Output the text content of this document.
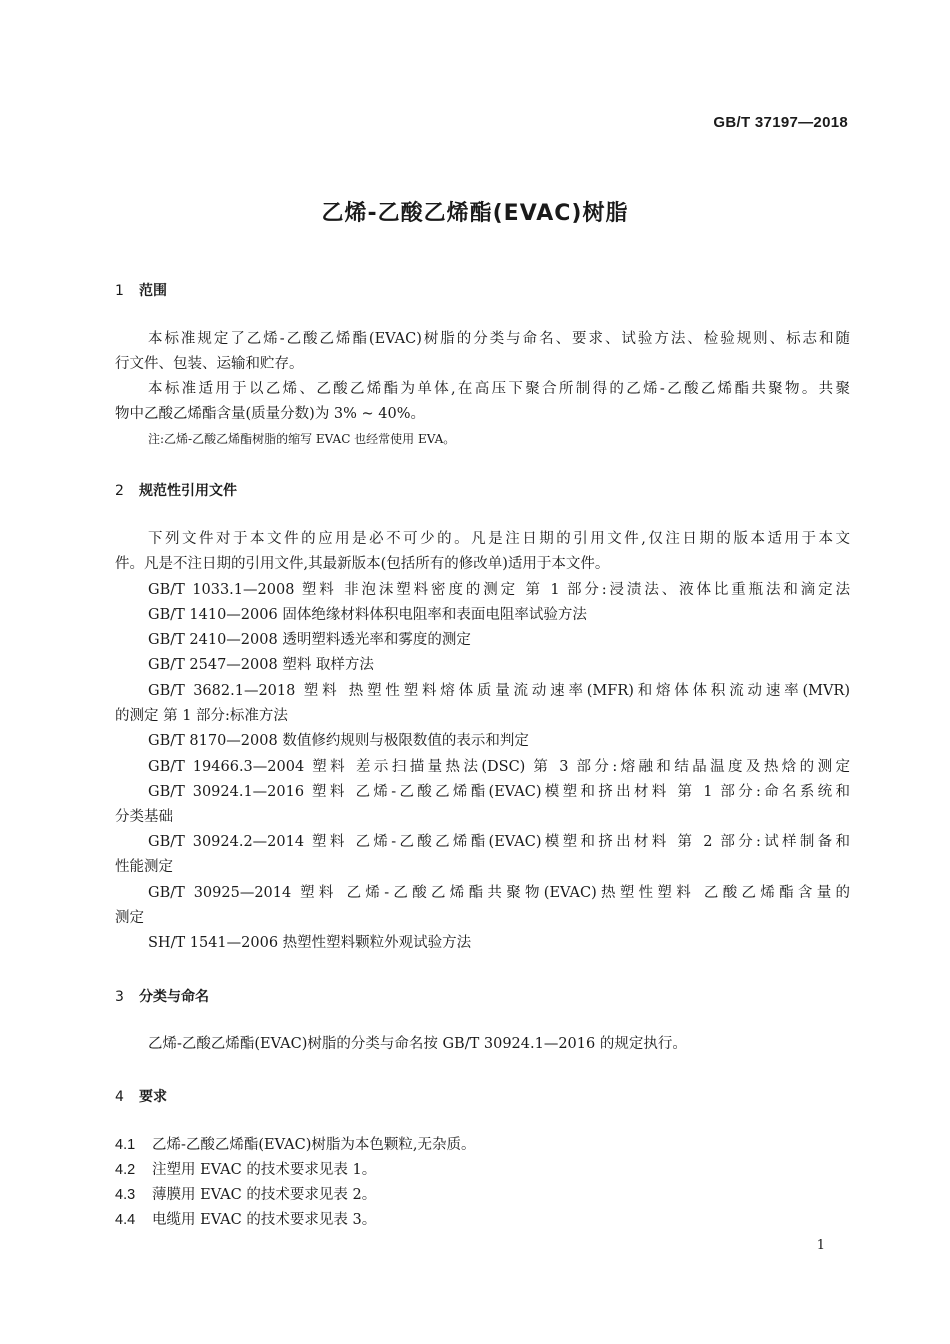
GB/T 37197—2018
乙烯-乙酸乙烯酯(EVAC)树脂
1 范围
本标准规定了乙烯-乙酸乙烯酯(EVAC)树脂的分类与命名、要求、试验方法、检验规则、标志和随
行文件、包装、运输和贮存。
本标准适用于以乙烯、乙酸乙烯酯为单体,在高压下聚合所制得的乙烯-乙酸乙烯酯共聚物。共聚
物中乙酸乙烯酯含量(质量分数)为 3% ~ 40%。
注:乙烯-乙酸乙烯酯树脂的缩写 EVAC 也经常使用 EVA。
2 规范性引用文件
下列文件对于本文件的应用是必不可少的。凡是注日期的引用文件,仅注日期的版本适用于本文
件。凡是不注日期的引用文件,其最新版本(包括所有的修改单)适用于本文件。
GB/T 1033.1—2008 塑料 非泡沫塑料密度的测定 第 1 部分:浸渍法、液体比重瓶法和滴定法
GB/T 1410—2006 固体绝缘材料体积电阻率和表面电阻率试验方法
GB/T 2410—2008 透明塑料透光率和雾度的测定
GB/T 2547—2008 塑料 取样方法
GB/T 3682.1—2018 塑料 热塑性塑料熔体质量流动速率(MFR)和熔体体积流动速率(MVR)
的测定 第 1 部分:标准方法
GB/T 8170—2008 数值修约规则与极限数值的表示和判定
GB/T 19466.3—2004 塑料 差示扫描量热法(DSC) 第 3 部分:熔融和结晶温度及热焓的测定
GB/T 30924.1—2016 塑料 乙烯-乙酸乙烯酯(EVAC)模塑和挤出材料 第 1 部分:命名系统和
分类基础
GB/T 30924.2—2014 塑料 乙烯-乙酸乙烯酯(EVAC)模塑和挤出材料 第 2 部分:试样制备和
性能测定
GB/T 30925—2014 塑料 乙烯-乙酸乙烯酯共聚物(EVAC)热塑性塑料 乙酸乙烯酯含量的
测定
SH/T 1541—2006 热塑性塑料颗粒外观试验方法
3 分类与命名
乙烯-乙酸乙烯酯(EVAC)树脂的分类与命名按 GB/T 30924.1—2016 的规定执行。
4 要求
4.1 乙烯-乙酸乙烯酯(EVAC)树脂为本色颗粒,无杂质。
4.2 注塑用 EVAC 的技术要求见表 1。
4.3 薄膜用 EVAC 的技术要求见表 2。
4.4 电缆用 EVAC 的技术要求见表 3。
1
